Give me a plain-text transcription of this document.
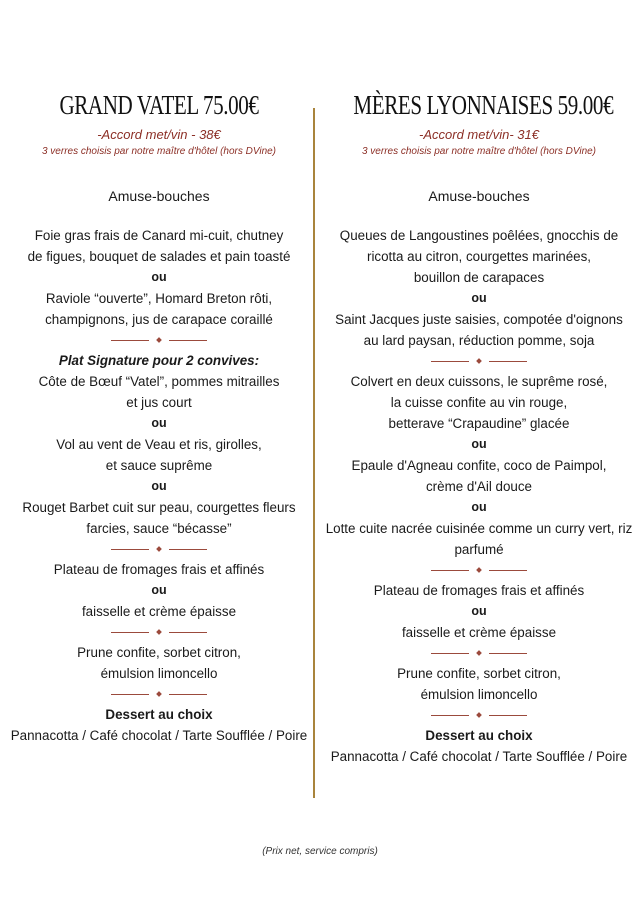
GRAND VATEL 75.00€
-Accord met/vin - 38€
3 verres choisis par notre maître d'hôtel (hors DVine)
Amuse-bouches
Foie gras frais de Canard mi-cuit, chutney
de figues, bouquet de salades et pain toasté
ou
Raviole “ouverte”, Homard Breton rôti,
champignons, jus de carapace coraillé
Plat Signature pour 2 convives:
Côte de Bœuf “Vatel”, pommes mitrailles
et jus court
ou
Vol au vent de Veau et ris, girolles,
et sauce suprême
ou
Rouget Barbet cuit sur peau, courgettes fleurs
farcies, sauce “bécasse”
Plateau de fromages frais et affinés
ou
faisselle et crème épaisse
Prune confite, sorbet citron,
émulsion limoncello
Dessert au choix
Pannacotta / Café chocolat / Tarte Soufflée / Poire
MÈRES LYONNAISES 59.00€
-Accord met/vin- 31€
3 verres choisis par notre maître d'hôtel (hors DVine)
Amuse-bouches
Queues de Langoustines poêlées, gnocchis de
ricotta au citron, courgettes marinées,
bouillon de carapaces
ou
Saint Jacques juste saisies, compotée d'oignons
au lard paysan, réduction pomme, soja
Colvert en deux cuissons, le suprême rosé,
la cuisse confite au vin rouge,
betterave “Crapaudine” glacée
ou
Epaule d'Agneau confite, coco de Paimpol,
crème d'Ail douce
ou
Lotte cuite nacrée cuisinée comme un curry vert, riz
parfumé
Plateau de fromages frais et affinés
ou
faisselle et crème épaisse
Prune confite, sorbet citron,
émulsion limoncello
Dessert au choix
Pannacotta / Café chocolat / Tarte Soufflée / Poire
(Prix net, service compris)
